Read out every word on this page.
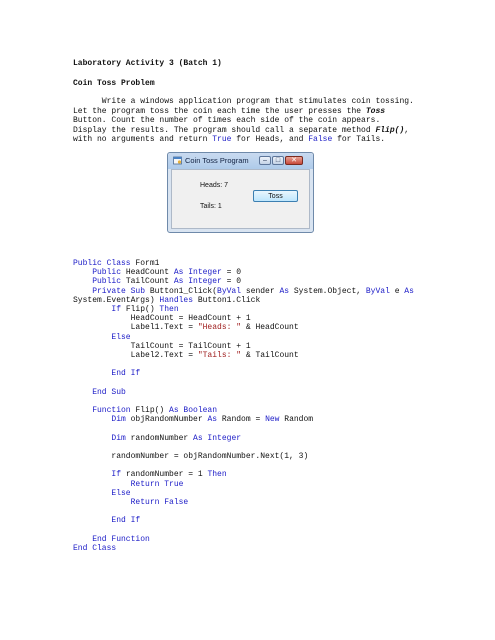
Laboratory Activity 3 (Batch 1)
Coin Toss Problem
Write a windows application program that stimulates coin tossing.
Let the program toss the coin each time the user presses the Toss
Button. Count the number of times each side of the coin appears.
Display the results. The program should call a separate method Flip(),
with no arguments and return True for Heads, and False for Tails.
Coin Toss Program	–	□	✕
Heads: 7
Tails: 1
Toss
Public Class Form1
Public HeadCount As Integer = 0
Public TailCount As Integer = 0
Private Sub Button1_Click(ByVal sender As System.Object, ByVal e As
System.EventArgs) Handles Button1.Click
If Flip() Then
HeadCount = HeadCount + 1
Label1.Text = "Heads: " & HeadCount
Else
TailCount = TailCount + 1
Label2.Text = "Tails: " & TailCount
End If
End Sub
Function Flip() As Boolean
Dim objRandomNumber As Random = New Random
Dim randomNumber As Integer
randomNumber = objRandomNumber.Next(1, 3)
If randomNumber = 1 Then
Return True
Else
Return False
End If
End Function
End Class
